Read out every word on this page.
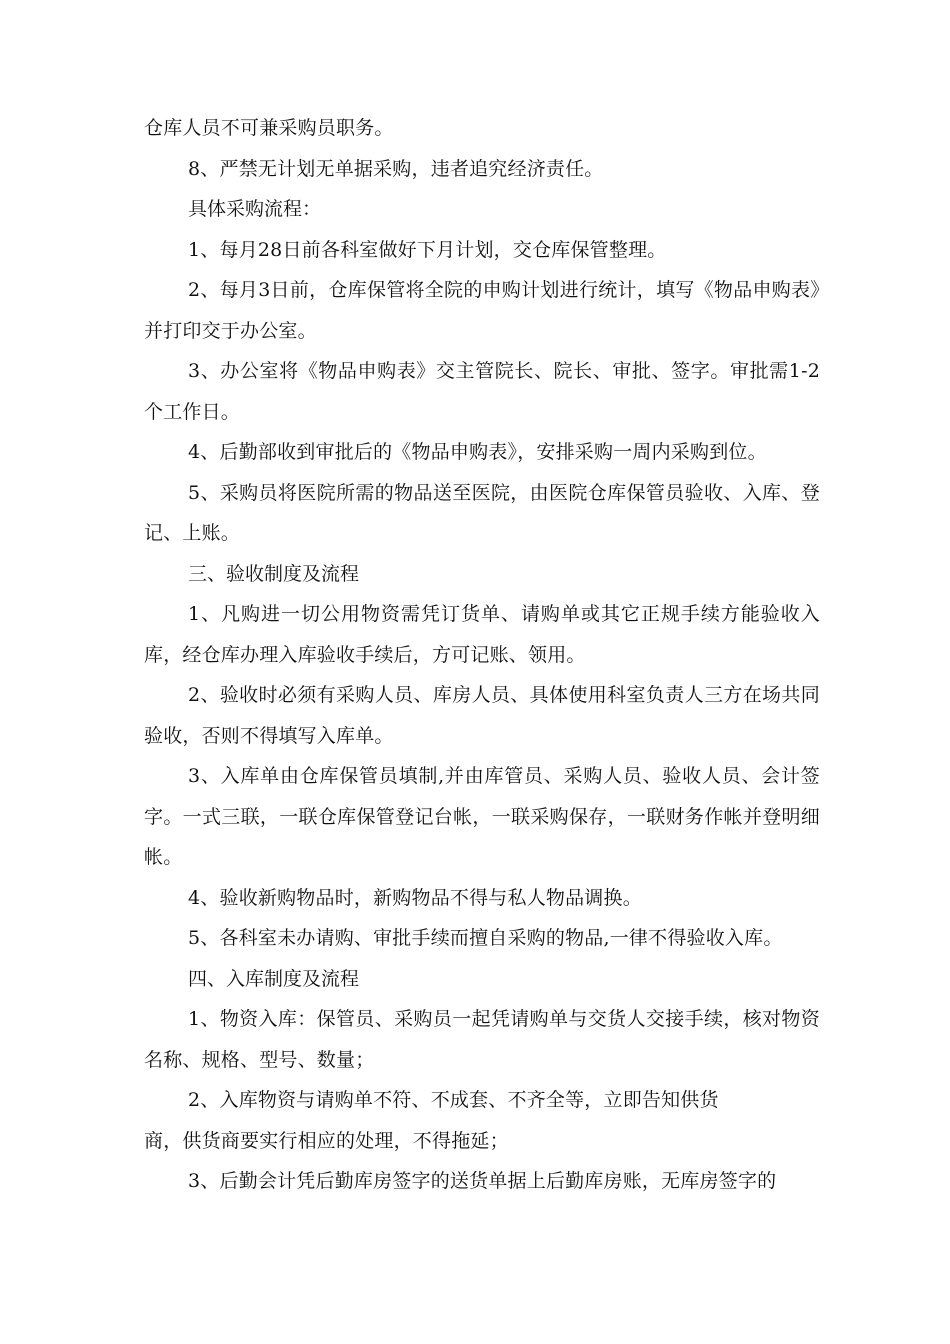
仓库人员不可兼采购员职务。

8、严禁无计划无单据采购，违者追究经济责任。

具体采购流程：

1、每月28日前各科室做好下月计划，交仓库保管整理。

2、每月3日前，仓库保管将全院的申购计划进行统计，填写《物品申购表》并打印交于办公室。

3、办公室将《物品申购表》交主管院长、院长、审批、签字。审批需1-2个工作日。

4、后勤部收到审批后的《物品申购表》，安排采购一周内采购到位。

5、采购员将医院所需的物品送至医院，由医院仓库保管员验收、入库、登记、上账。

三、验收制度及流程

1、凡购进一切公用物资需凭订货单、请购单或其它正规手续方能验收入库，经仓库办理入库验收手续后，方可记账、领用。

2、验收时必须有采购人员、库房人员、具体使用科室负责人三方在场共同验收，否则不得填写入库单。

3、入库单由仓库保管员填制,并由库管员、采购人员、验收人员、会计签字。一式三联，一联仓库保管登记台帐，一联采购保存，一联财务作帐并登明细帐。

4、验收新购物品时，新购物品不得与私人物品调换。

5、各科室未办请购、审批手续而擅自采购的物品,一律不得验收入库。

四、入库制度及流程

1、物资入库：保管员、采购员一起凭请购单与交货人交接手续，核对物资名称、规格、型号、数量；

2、入库物资与请购单不符、不成套、不齐全等，立即告知供货

商，供货商要实行相应的处理，不得拖延；

3、后勤会计凭后勤库房签字的送货单据上后勤库房账，无库房签字的
